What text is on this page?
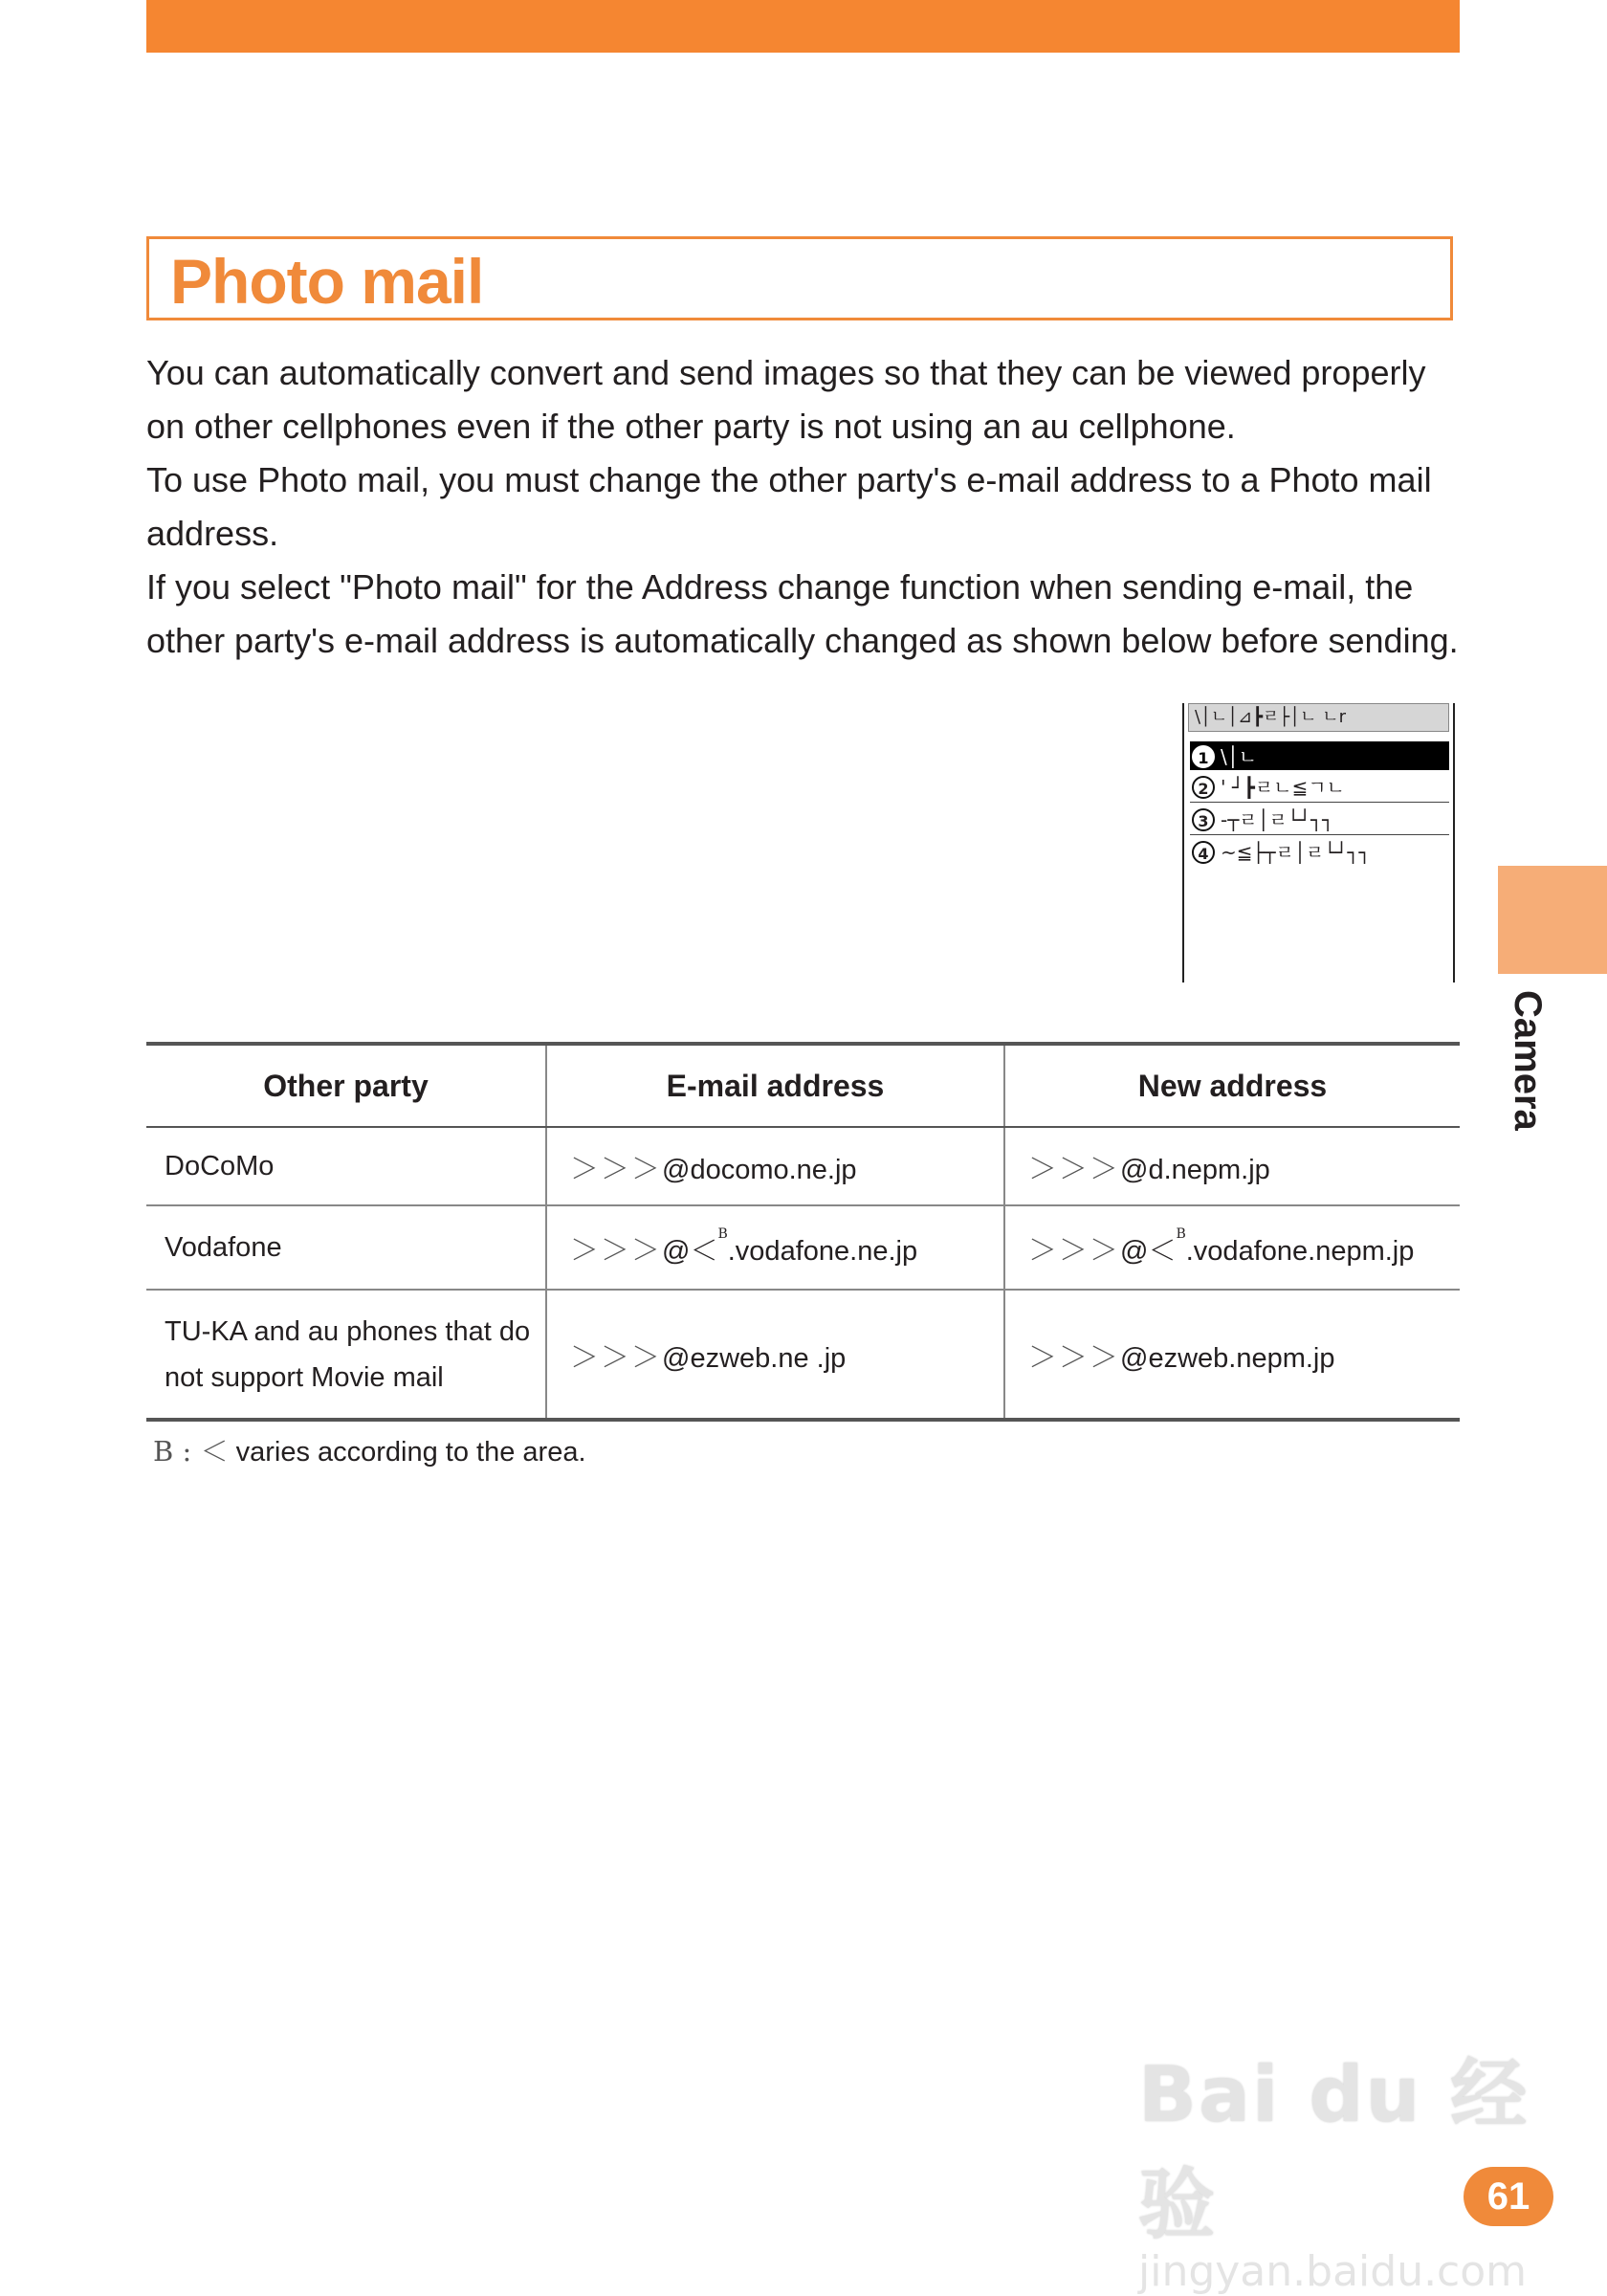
Photo mail

You can automatically convert and send images so that they can be viewed properly on other cellphones even if the other party is not using an au cellphone.

To use Photo mail, you must change the other party's e-mail address to a Photo mail address.

If you select "Photo mail" for the Address change function when sending e-mail, the other party's e-mail address is automatically changed as shown below before sending.

\│ㄴ│⊿┣ㄹ├│ㄴ ㄴr
1 \│ㄴ
2 ' ┘┣ㄹㄴ≦ㄱㄴ
3 -┬ㄹ│ㄹ└┘┐┐
4 ~≦├┬ㄹ│ㄹ└┘┐┐
Camera
Other party	E-mail address	New address
DoCoMo	＞＞＞@docomo.ne.jp	＞＞＞@d.nepm.jp
Vodafone	＞＞＞@＜$^B$.vodafone.ne.jp	＞＞＞@＜$^B$.vodafone.nepm.jp
TU-KA and au phones that do not support Movie mail	＞＞＞@ezweb.ne .jp	＞＞＞@ezweb.nepm.jp
B : ＜ varies according to the area.
Bai du 经验
jingyan.baidu.com
61
